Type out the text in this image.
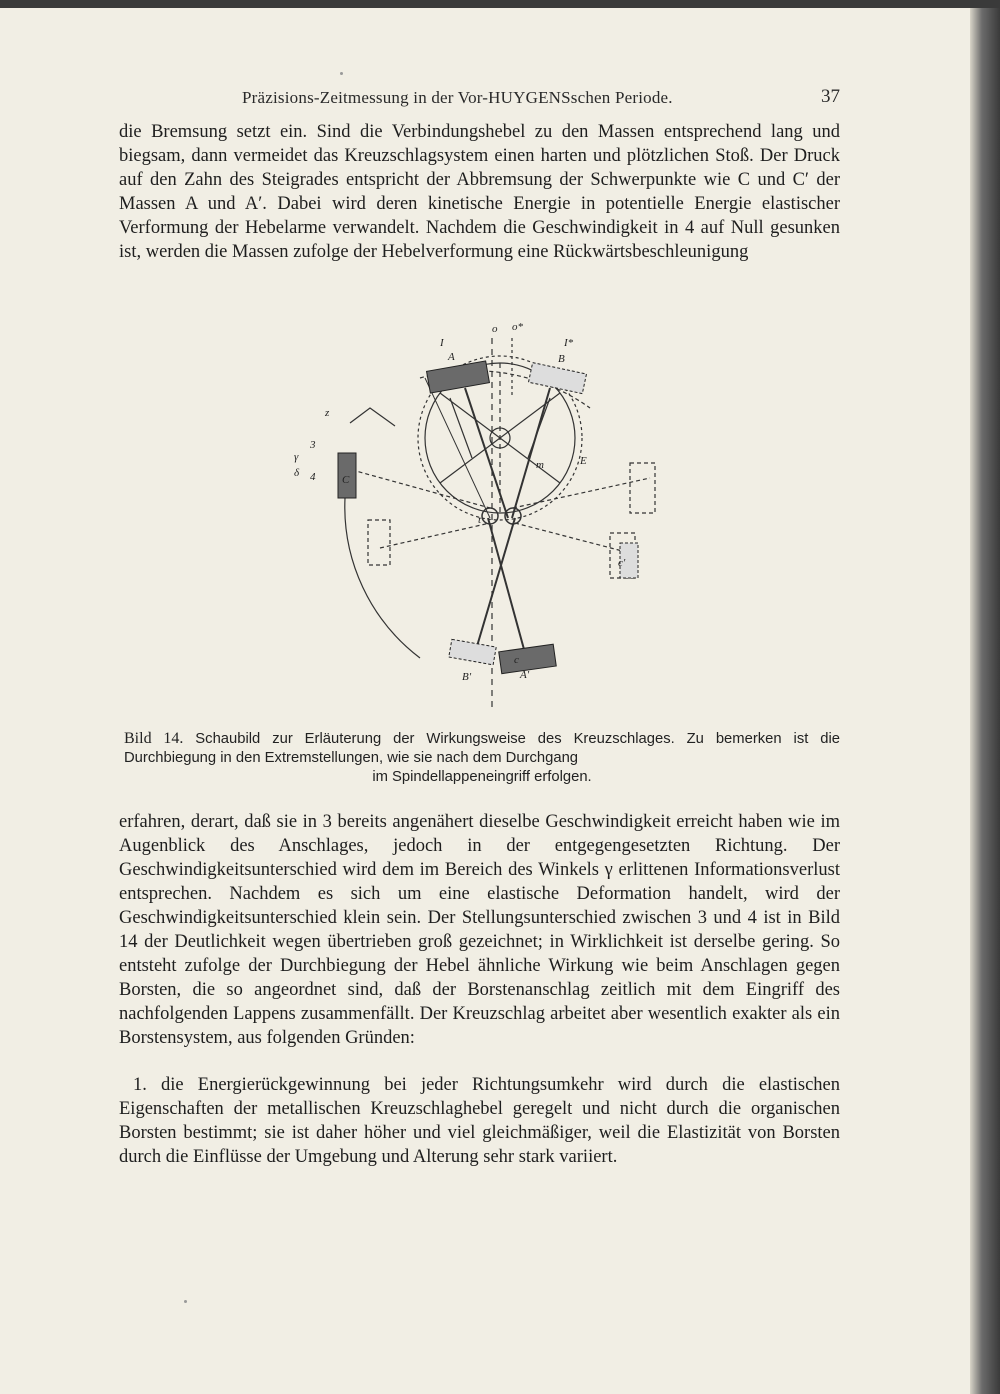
Präzisions-Zeitmessung in der Vor-HUYGENSschen Periode.	37

die Bremsung setzt ein. Sind die Verbindungshebel zu den Massen entsprechend lang und biegsam, dann vermeidet das Kreuzschlagsystem einen harten und plötzlichen Stoß. Der Druck auf den Zahn des Steigrades entspricht der Abbremsung der Schwerpunkte wie C und C′ der Massen A und A′. Dabei wird deren kinetische Energie in potentielle Energie elastischer Verformung der Hebelarme verwandelt. Nachdem die Geschwindigkeit in 4 auf Null gesunken ist, werden die Massen zufolge der Hebelverformung eine Rückwärtsbeschleunigung

o o*
I	I*
A	B
z
3
4
γ
δ
E
C
c
c′
t
m
B′	A′
Bild 14. Schaubild zur Erläuterung der Wirkungsweise des Kreuzschlages. Zu bemerken ist die Durchbiegung in den Extremstellungen, wie sie nach dem Durchgang
im Spindellappeneingriff erfolgen.

erfahren, derart, daß sie in 3 bereits angenähert dieselbe Geschwindigkeit erreicht haben wie im Augenblick des Anschlages, jedoch in der entgegengesetzten Richtung. Der Geschwindigkeitsunterschied wird dem im Bereich des Winkels γ erlittenen Informationsverlust entsprechen. Nachdem es sich um eine elastische Deformation handelt, wird der Geschwindigkeitsunterschied klein sein. Der Stellungsunterschied zwischen 3 und 4 ist in Bild 14 der Deutlichkeit wegen übertrieben groß gezeichnet; in Wirklichkeit ist derselbe gering. So entsteht zufolge der Durchbiegung der Hebel ähnliche Wirkung wie beim Anschlagen gegen Borsten, die so angeordnet sind, daß der Borstenanschlag zeitlich mit dem Eingriff des nachfolgenden Lappens zusammenfällt. Der Kreuzschlag arbeitet aber wesentlich exakter als ein Borstensystem, aus folgenden Gründen:

1. die Energierückgewinnung bei jeder Richtungsumkehr wird durch die elastischen Eigenschaften der metallischen Kreuzschlaghebel geregelt und nicht durch die organischen Borsten bestimmt; sie ist daher höher und viel gleichmäßiger, weil die Elastizität von Borsten durch die Einflüsse der Umgebung und Alterung sehr stark variiert.
